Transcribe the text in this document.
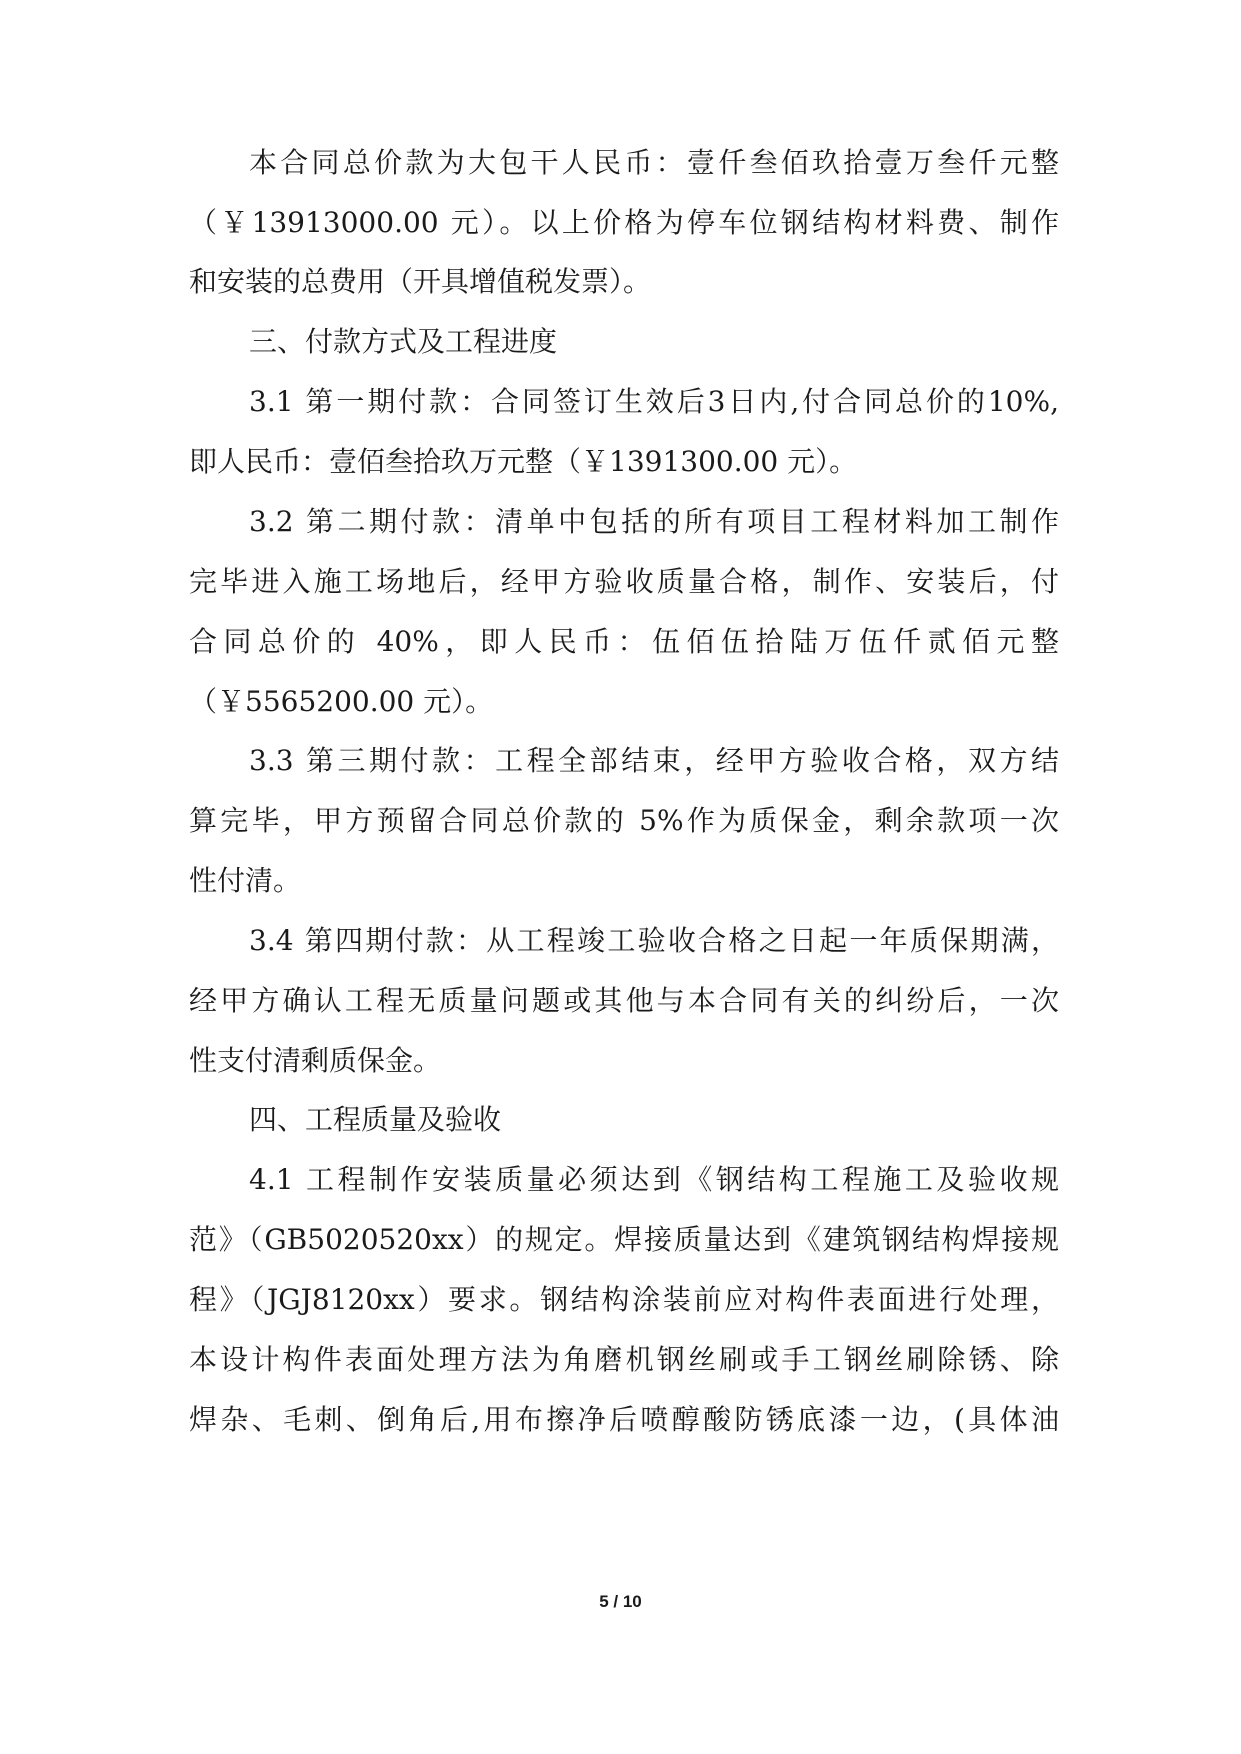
本合同总价款为大包干人民币：壹仟叁佰玖拾壹万叁仟元整
（￥13913000.00 元）。以上价格为停车位钢结构材料费、制作
和安装的总费用（开具增值税发票）。
三、付款方式及工程进度
3.1 第一期付款：合同签订生效后3日内,付合同总价的10%,
即人民币：壹佰叁拾玖万元整（￥1391300.00 元）。
3.2 第二期付款：清单中包括的所有项目工程材料加工制作
完毕进入施工场地后，经甲方验收质量合格，制作、安装后，付
合同总价的 40%，即人民币：伍佰伍拾陆万伍仟贰佰元整
（￥5565200.00 元）。
3.3 第三期付款：工程全部结束，经甲方验收合格，双方结
算完毕，甲方预留合同总价款的 5%作为质保金，剩余款项一次
性付清。
3.4 第四期付款：从工程竣工验收合格之日起一年质保期满，
经甲方确认工程无质量问题或其他与本合同有关的纠纷后，一次
性支付清剩质保金。
四、工程质量及验收
4.1 工程制作安装质量必须达到《钢结构工程施工及验收规
范》（GB5020520xx）的规定。焊接质量达到《建筑钢结构焊接规
程》（JGJ8120xx）要求。钢结构涂装前应对构件表面进行处理，
本设计构件表面处理方法为角磨机钢丝刷或手工钢丝刷除锈、除
焊杂、毛刺、倒角后,用布擦净后喷醇酸防锈底漆一边，(具体油
5 / 10
